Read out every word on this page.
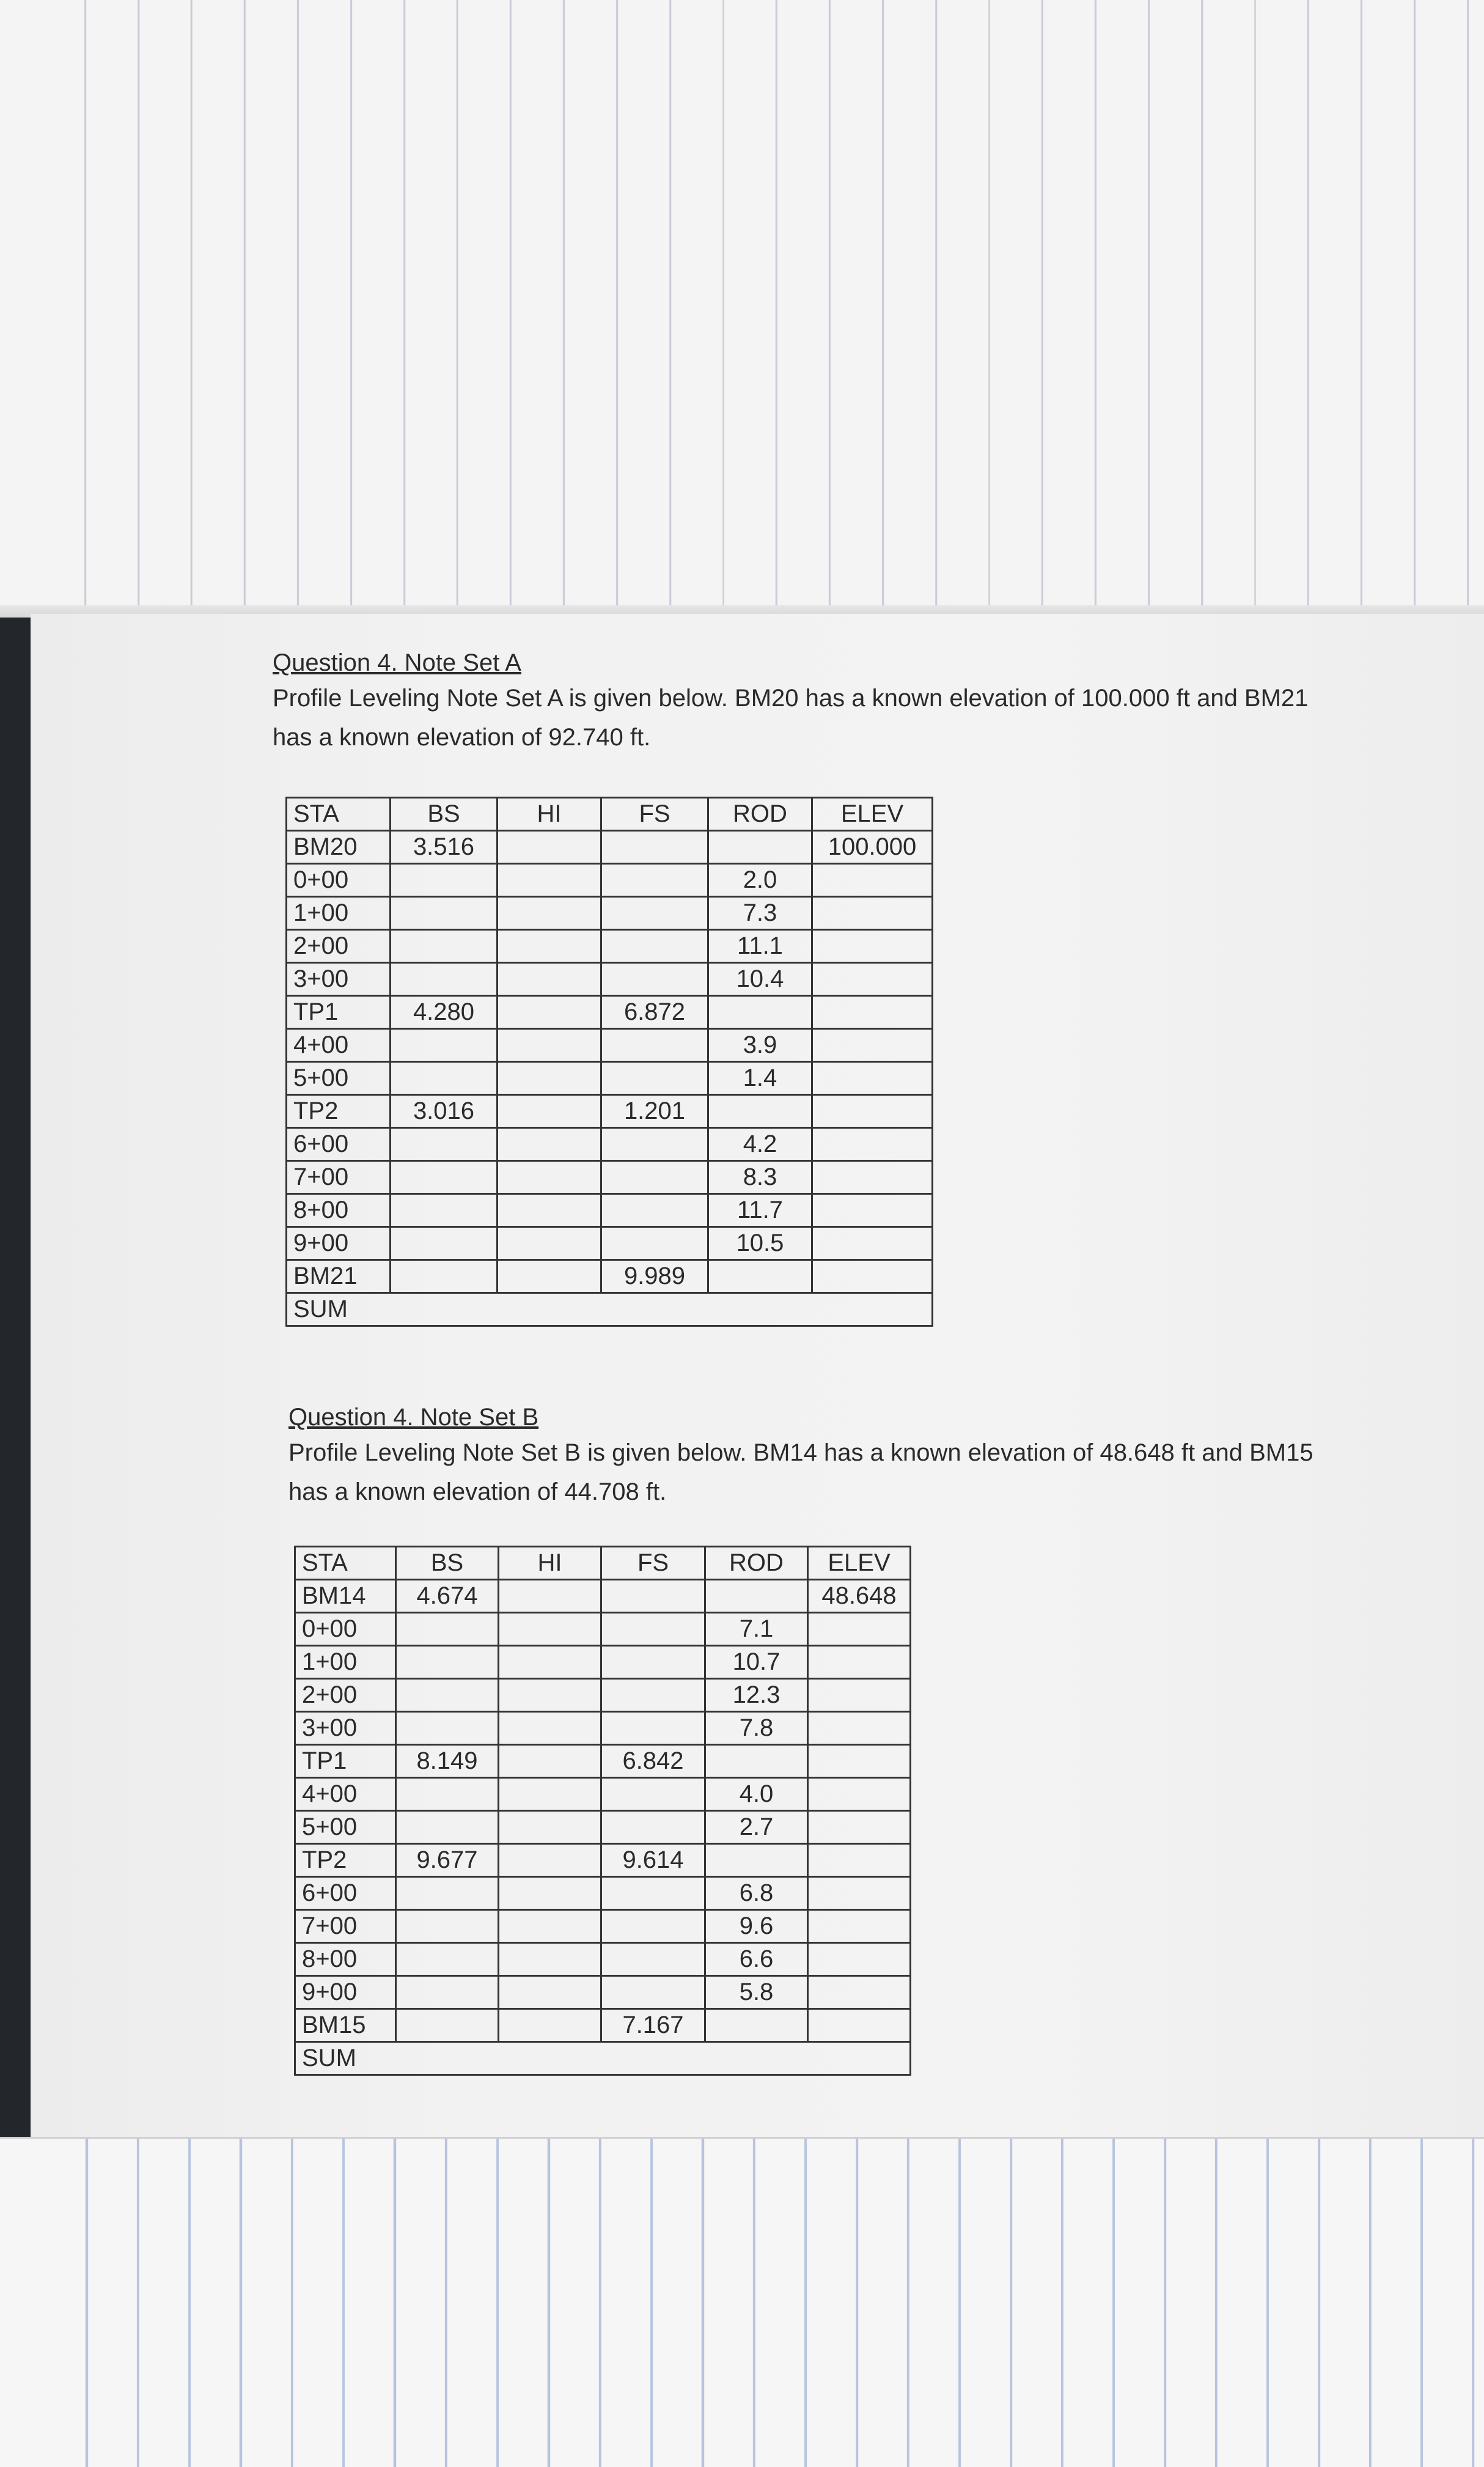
Question 4. Note Set A
Profile Leveling Note Set A is given below. BM20 has a known elevation of 100.000 ft and BM21
has a known elevation of 92.740 ft.
STA	BS	HI	FS	ROD	ELEV
BM20	3.516				100.000
0+00				2.0	
1+00				7.3	
2+00				11.1	
3+00				10.4	
TP1	4.280		6.872		
4+00				3.9	
5+00				1.4	
TP2	3.016		1.201		
6+00				4.2	
7+00				8.3	
8+00				11.7	
9+00				10.5	
BM21			9.989		
SUM					
Question 4. Note Set B
Profile Leveling Note Set B is given below. BM14 has a known elevation of 48.648 ft and BM15
has a known elevation of 44.708 ft.
STA	BS	HI	FS	ROD	ELEV
BM14	4.674				48.648
0+00				7.1	
1+00				10.7	
2+00				12.3	
3+00				7.8	
TP1	8.149		6.842		
4+00				4.0	
5+00				2.7	
TP2	9.677		9.614		
6+00				6.8	
7+00				9.6	
8+00				6.6	
9+00				5.8	
BM15			7.167		
SUM					
